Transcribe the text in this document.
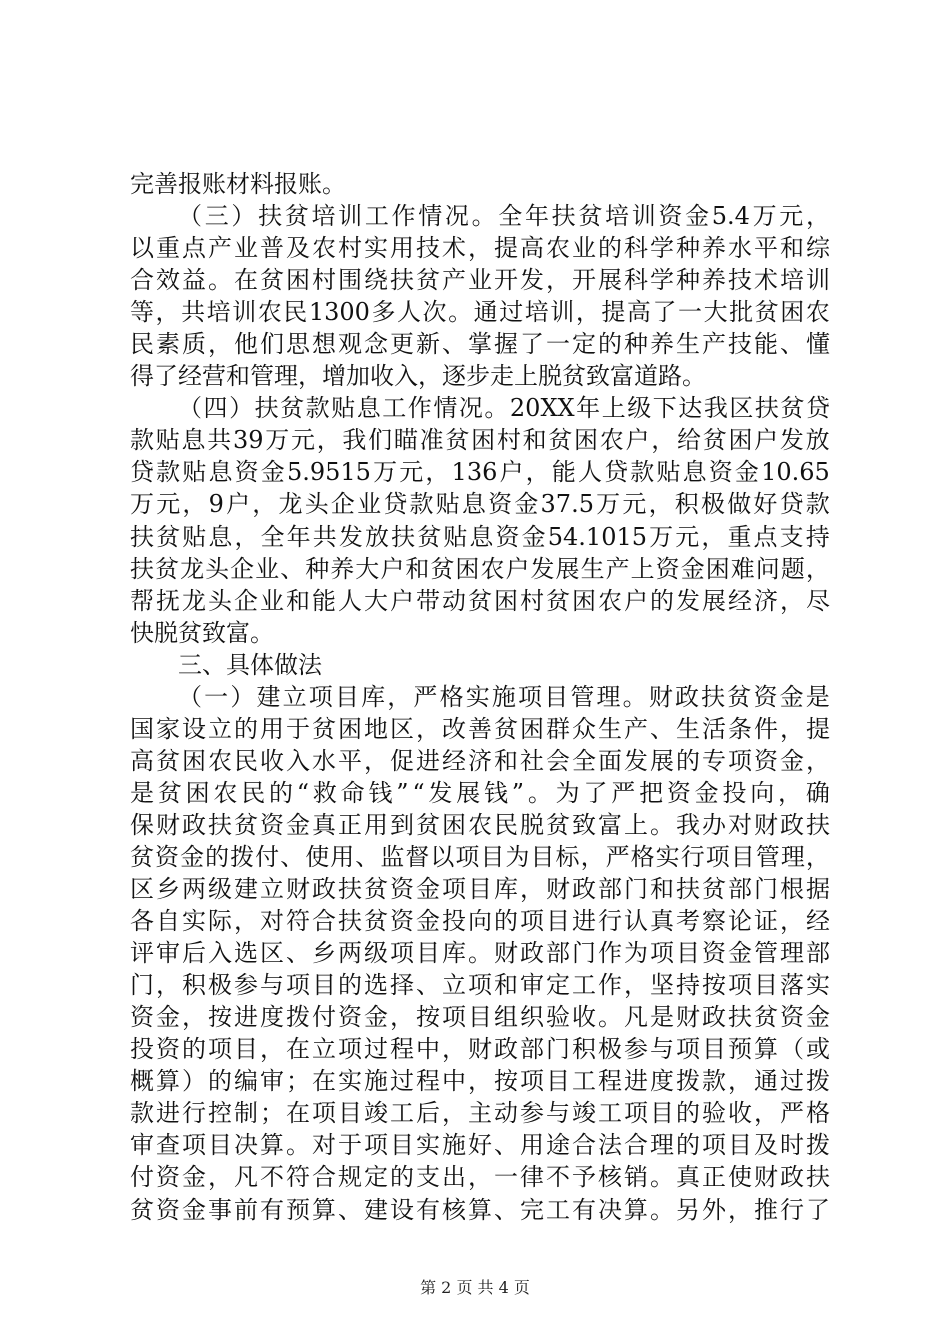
完善报账材料报账。
（ 三 ） 扶 贫 培 训 工 作 情 况 。 全 年 扶 贫 培 训 资 金 5.4 万 元 ，
以 重 点 产 业 普 及 农 村 实 用 技 术 ， 提 高 农 业 的 科 学 种 养 水 平 和 综
合 效 益 。 在 贫 困 村 围 绕 扶 贫 产 业 开 发 ， 开 展 科 学 种 养 技 术 培 训
等 ， 共 培 训 农 民 1300 多 人 次 。 通 过 培 训 ， 提 高 了 一 大 批 贫 困 农
民 素 质 ， 他 们 思 想 观 念 更 新 、 掌 握 了 一 定 的 种 养 生 产 技 能 、 懂
得了经营和管理，增加收入，逐步走上脱贫致富道路。
（ 四 ） 扶 贫 款 贴 息 工 作 情 况 。 20XX 年 上 级 下 达 我 区 扶 贫 贷
款 贴 息 共 39 万 元 ， 我 们 瞄 准 贫 困 村 和 贫 困 农 户 ， 给 贫 困 户 发 放
贷 款 贴 息 资 金 5.9515 万 元 ， 136 户 ， 能 人 贷 款 贴 息 资 金 10.65
万 元 ， 9 户 ， 龙 头 企 业 贷 款 贴 息 资 金 37.5 万 元 ， 积 极 做 好 贷 款
扶 贫 贴 息 ， 全 年 共 发 放 扶 贫 贴 息 资 金 54.1015 万 元 ， 重 点 支 持
扶 贫 龙 头 企 业 、 种 养 大 户 和 贫 困 农 户 发 展 生 产 上 资 金 困 难 问 题 ，
帮 抚 龙 头 企 业 和 能 人 大 户 带 动 贫 困 村 贫 困 农 户 的 发 展 经 济 ， 尽
快脱贫致富。
三、具体做法
（ 一 ） 建 立 项 目 库 ， 严 格 实 施 项 目 管 理 。 财 政 扶 贫 资 金 是
国 家 设 立 的 用 于 贫 困 地 区 ， 改 善 贫 困 群 众 生 产 、 生 活 条 件 ， 提
高 贫 困 农 民 收 入 水 平 ， 促 进 经 济 和 社 会 全 面 发 展 的 专 项 资 金 ，
是 贫 困 农 民 的 “ 救 命 钱 ” “ 发 展 钱 ” 。 为 了 严 把 资 金 投 向 ， 确
保 财 政 扶 贫 资 金 真 正 用 到 贫 困 农 民 脱 贫 致 富 上 。 我 办 对 财 政 扶
贫 资 金 的 拨 付 、 使 用 、 监 督 以 项 目 为 目 标 ， 严 格 实 行 项 目 管 理 ，
区 乡 两 级 建 立 财 政 扶 贫 资 金 项 目 库 ， 财 政 部 门 和 扶 贫 部 门 根 据
各 自 实 际 ， 对 符 合 扶 贫 资 金 投 向 的 项 目 进 行 认 真 考 察 论 证 ， 经
评 审 后 入 选 区 、 乡 两 级 项 目 库 。 财 政 部 门 作 为 项 目 资 金 管 理 部
门 ， 积 极 参 与 项 目 的 选 择 、 立 项 和 审 定 工 作 ， 坚 持 按 项 目 落 实
资 金 ， 按 进 度 拨 付 资 金 ， 按 项 目 组 织 验 收 。 凡 是 财 政 扶 贫 资 金
投 资 的 项 目 ， 在 立 项 过 程 中 ， 财 政 部 门 积 极 参 与 项 目 预 算 （ 或
概 算 ） 的 编 审 ； 在 实 施 过 程 中 ， 按 项 目 工 程 进 度 拨 款 ， 通 过 拨
款 进 行 控 制 ； 在 项 目 竣 工 后 ， 主 动 参 与 竣 工 项 目 的 验 收 ， 严 格
审 查 项 目 决 算 。 对 于 项 目 实 施 好 、 用 途 合 法 合 理 的 项 目 及 时 拨
付 资 金 ， 凡 不 符 合 规 定 的 支 出 ， 一 律 不 予 核 销 。 真 正 使 财 政 扶
贫 资 金 事 前 有 预 算 、 建 设 有 核 算 、 完 工 有 决 算 。 另 外 ， 推 行 了
第 2 页 共 4 页
